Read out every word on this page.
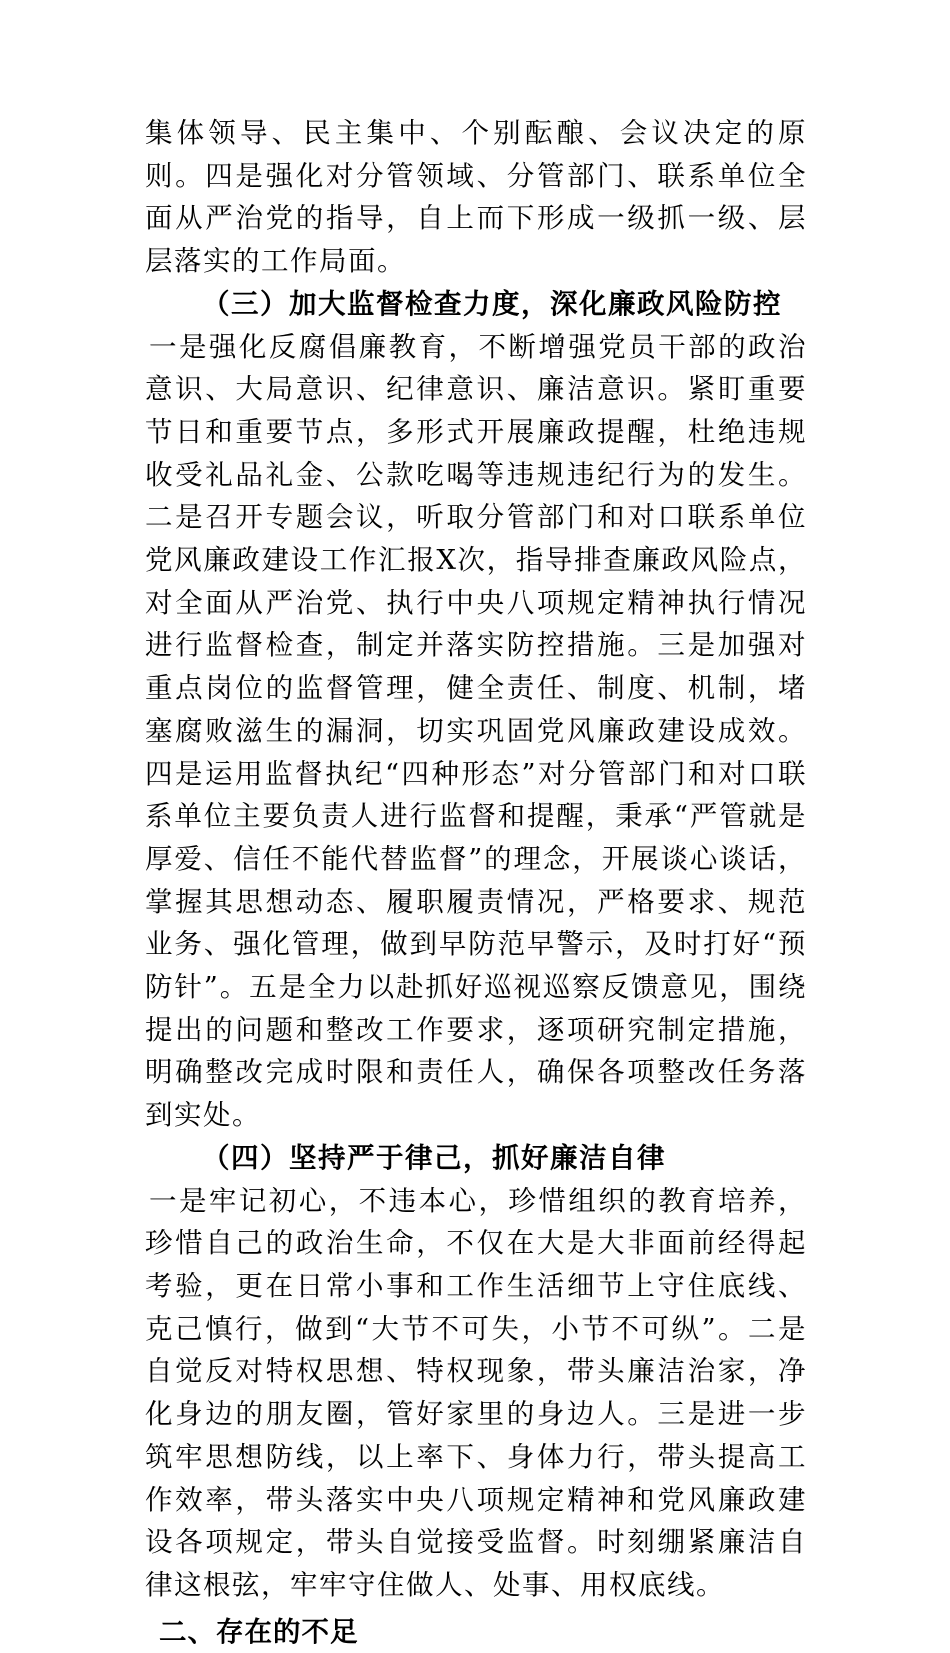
集体领导、民主集中、个别酝酿、会议决定的原则。四是强化对分管领域、分管部门、联系单位全面从严治党的指导，自上而下形成一级抓一级、层层落实的工作局面。

（三）加大监督检查力度，深化廉政风险防控

一是强化反腐倡廉教育，不断增强党员干部的政治意识、大局意识、纪律意识、廉洁意识。紧盯重要节日和重要节点，多形式开展廉政提醒，杜绝违规收受礼品礼金、公款吃喝等违规违纪行为的发生。二是召开专题会议，听取分管部门和对口联系单位党风廉政建设工作汇报X次，指导排查廉政风险点，对全面从严治党、执行中央八项规定精神执行情况进行监督检查，制定并落实防控措施。三是加强对重点岗位的监督管理，健全责任、制度、机制，堵塞腐败滋生的漏洞，切实巩固党风廉政建设成效。四是运用监督执纪“四种形态”对分管部门和对口联系单位主要负责人进行监督和提醒，秉承“严管就是厚爱、信任不能代替监督”的理念，开展谈心谈话，掌握其思想动态、履职履责情况，严格要求、规范业务、强化管理，做到早防范早警示，及时打好“预防针”。五是全力以赴抓好巡视巡察反馈意见，围绕提出的问题和整改工作要求，逐项研究制定措施，明确整改完成时限和责任人，确保各项整改任务落到实处。

（四）坚持严于律己，抓好廉洁自律

一是牢记初心，不违本心，珍惜组织的教育培养，珍惜自己的政治生命，不仅在大是大非面前经得起考验，更在日常小事和工作生活细节上守住底线、克己慎行，做到“大节不可失，小节不可纵”。二是自觉反对特权思想、特权现象，带头廉洁治家，净化身边的朋友圈，管好家里的身边人。三是进一步筑牢思想防线，以上率下、身体力行，带头提高工作效率，带头落实中央八项规定精神和党风廉政建设各项规定，带头自觉接受监督。时刻绷紧廉洁自律这根弦，牢牢守住做人、处事、用权底线。

二、存在的不足
